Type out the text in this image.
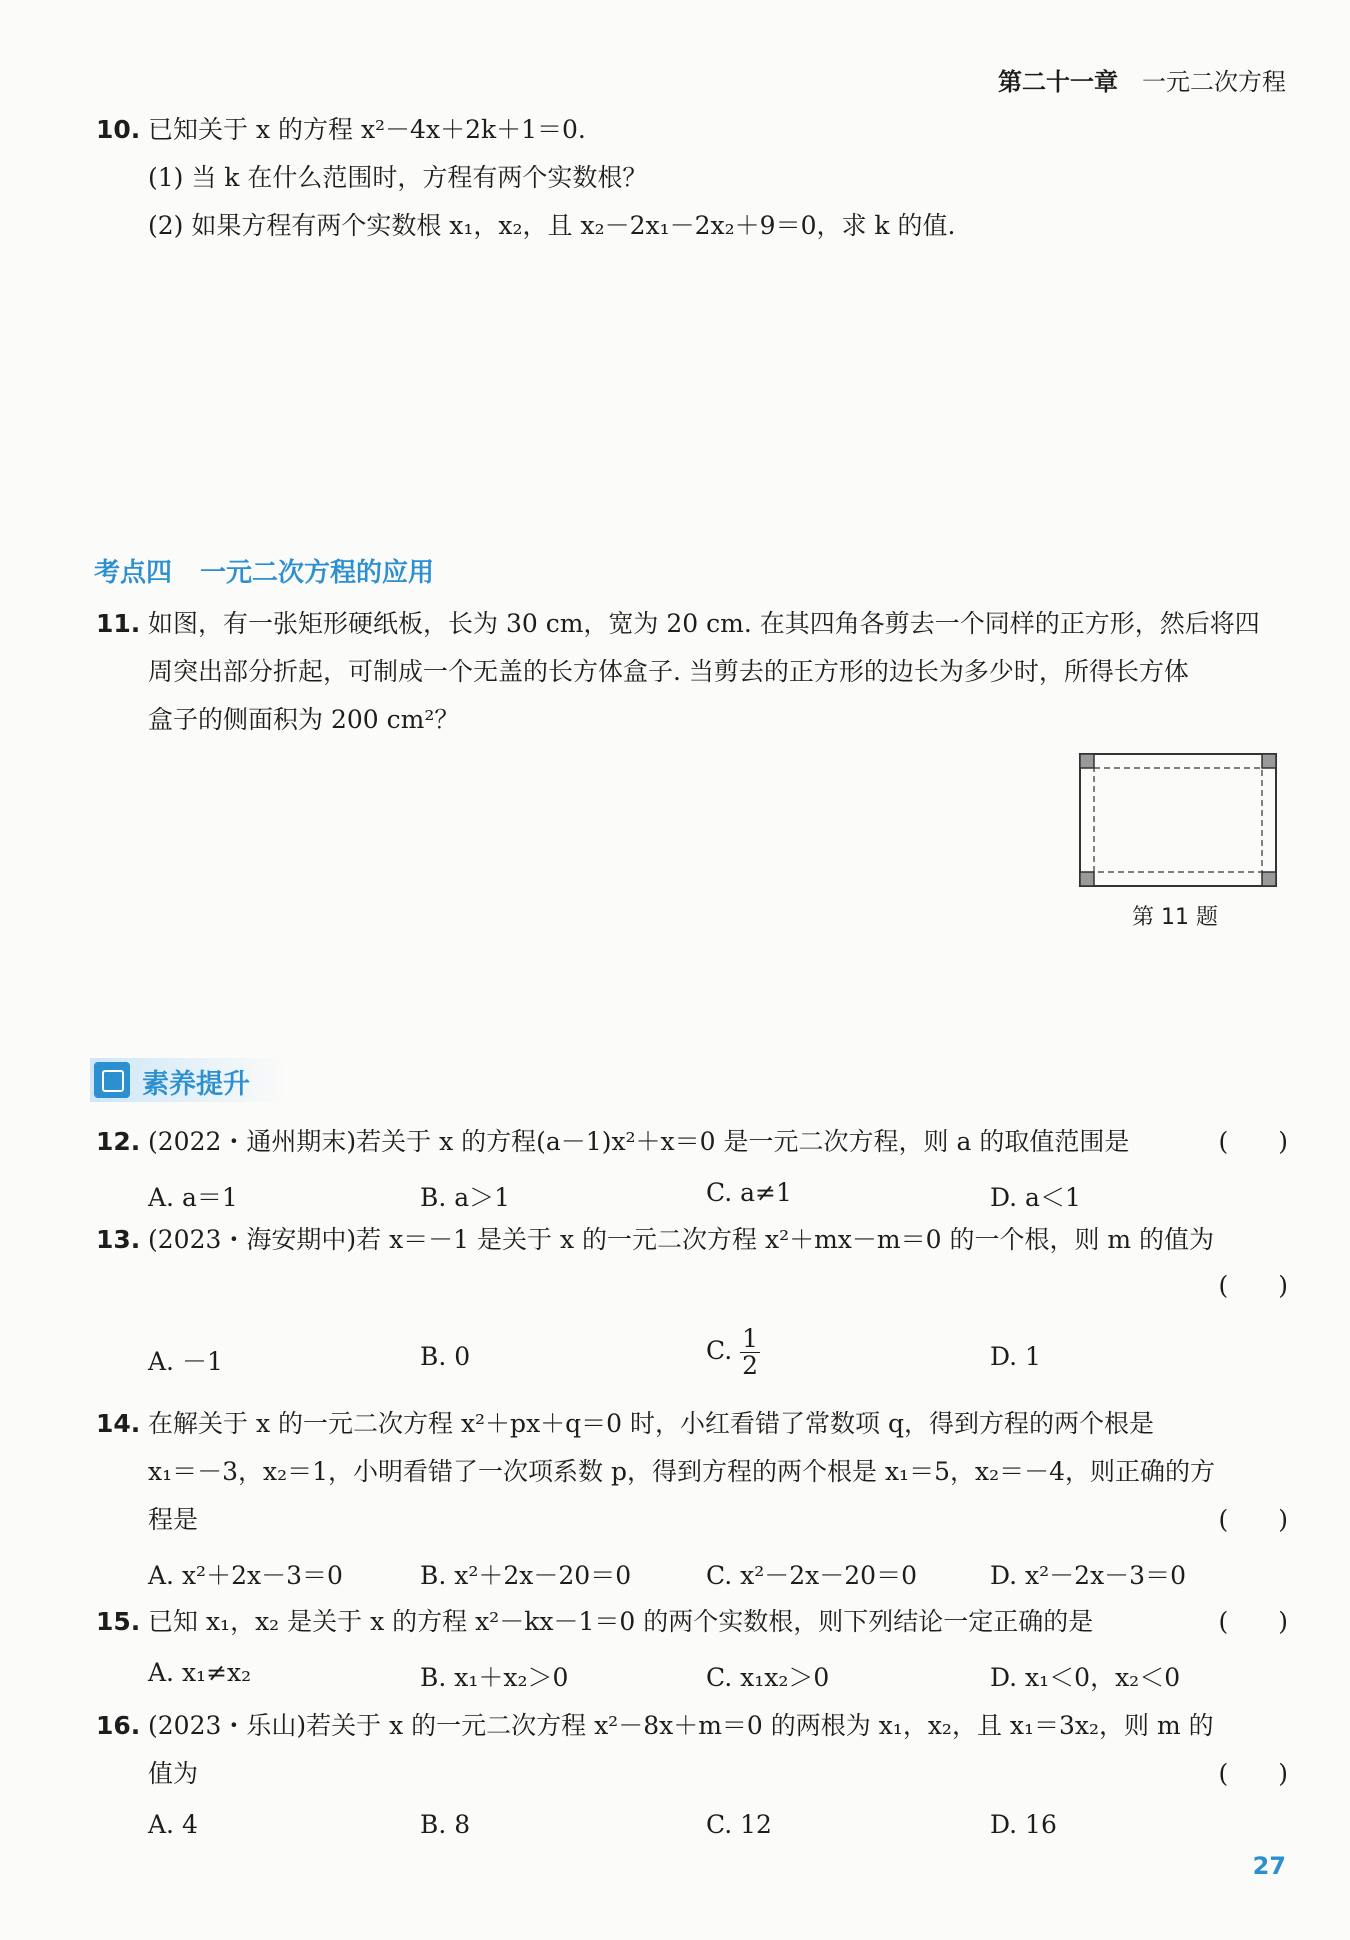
第二十一章 一元二次方程
10. 已知关于 x 的方程 x²－4x＋2k＋1＝0.
(1) 当 k 在什么范围时，方程有两个实数根？
(2) 如果方程有两个实数根 x₁，x₂，且 x₂－2x₁－2x₂＋9＝0，求 k 的值.
考点四 一元二次方程的应用
11. 如图，有一张矩形硬纸板，长为 30 cm，宽为 20 cm. 在其四角各剪去一个同样的正方形，然后将四
周突出部分折起，可制成一个无盖的长方体盒子. 当剪去的正方形的边长为多少时，所得长方体
盒子的侧面积为 200 cm²？
第 11 题
素养提升
12. (2022・通州期末)若关于 x 的方程(a－1)x²＋x＝0 是一元二次方程，则 a 的取值范围是	(　　)
A. a＝1	B. a＞1	C. a≠1	D. a＜1
13. (2023・海安期中)若 x＝－1 是关于 x 的一元二次方程 x²＋mx－m＝0 的一个根，则 m 的值为
(　　)
A. －1	B. 0	C. $\frac{1}{2}$	D. 1
14. 在解关于 x 的一元二次方程 x²＋px＋q＝0 时，小红看错了常数项 q，得到方程的两个根是
x₁＝－3，x₂＝1，小明看错了一次项系数 p，得到方程的两个根是 x₁＝5，x₂＝－4，则正确的方
程是	(　　)
A. x²＋2x－3＝0	B. x²＋2x－20＝0	C. x²－2x－20＝0	D. x²－2x－3＝0
15. 已知 x₁，x₂ 是关于 x 的方程 x²－kx－1＝0 的两个实数根，则下列结论一定正确的是	(　　)
A. x₁≠x₂	B. x₁＋x₂＞0	C. x₁x₂＞0	D. x₁＜0，x₂＜0
16. (2023・乐山)若关于 x 的一元二次方程 x²－8x＋m＝0 的两根为 x₁，x₂，且 x₁＝3x₂，则 m 的
值为	(　　)
A. 4	B. 8	C. 12	D. 16
27
